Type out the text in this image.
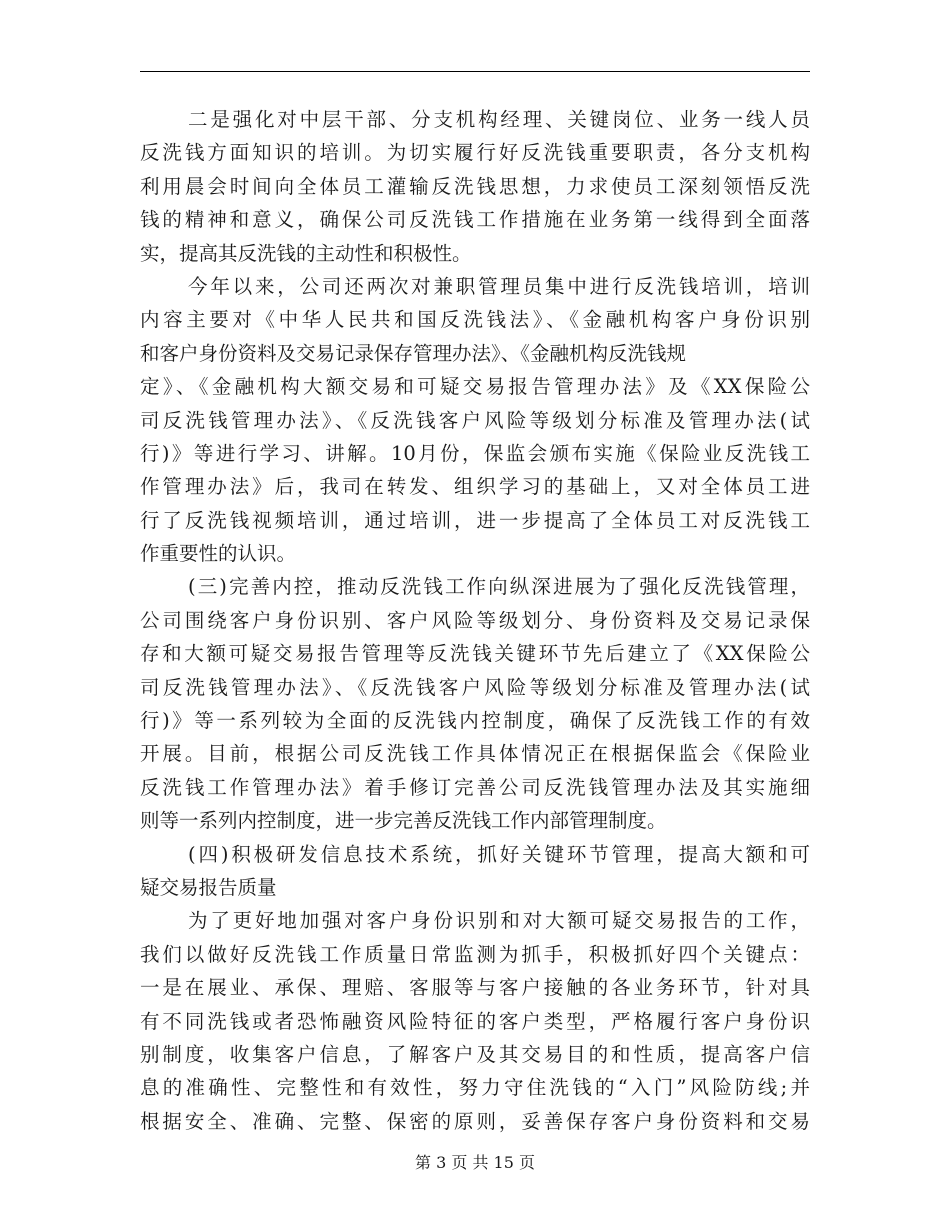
二是强化对中层干部、分支机构经理、关键岗位、业务一线人员
反洗钱方面知识的培训。为切实履行好反洗钱重要职责，各分支机构
利用晨会时间向全体员工灌输反洗钱思想，力求使员工深刻领悟反洗
钱的精神和意义，确保公司反洗钱工作措施在业务第一线得到全面落
实，提高其反洗钱的主动性和积极性。
今年以来，公司还两次对兼职管理员集中进行反洗钱培训，培训
内容主要对《中华人民共和国反洗钱法》、《金融机构客户身份识别
和客户身份资料及交易记录保存管理办法》、《金融机构反洗钱规
定》、《金融机构大额交易和可疑交易报告管理办法》及《XX保险公
司反洗钱管理办法》、《反洗钱客户风险等级划分标准及管理办法(试
行)》等进行学习、讲解。10月份，保监会颁布实施《保险业反洗钱工
作管理办法》后，我司在转发、组织学习的基础上，又对全体员工进
行了反洗钱视频培训，通过培训，进一步提高了全体员工对反洗钱工
作重要性的认识。
(三)完善内控，推动反洗钱工作向纵深进展为了强化反洗钱管理，
公司围绕客户身份识别、客户风险等级划分、身份资料及交易记录保
存和大额可疑交易报告管理等反洗钱关键环节先后建立了《XX保险公
司反洗钱管理办法》、《反洗钱客户风险等级划分标准及管理办法(试
行)》等一系列较为全面的反洗钱内控制度，确保了反洗钱工作的有效
开展。目前，根据公司反洗钱工作具体情况正在根据保监会《保险业
反洗钱工作管理办法》着手修订完善公司反洗钱管理办法及其实施细
则等一系列内控制度，进一步完善反洗钱工作内部管理制度。
(四)积极研发信息技术系统，抓好关键环节管理，提高大额和可
疑交易报告质量
为了更好地加强对客户身份识别和对大额可疑交易报告的工作，
我们以做好反洗钱工作质量日常监测为抓手，积极抓好四个关键点：
一是在展业、承保、理赔、客服等与客户接触的各业务环节，针对具
有不同洗钱或者恐怖融资风险特征的客户类型，严格履行客户身份识
别制度，收集客户信息，了解客户及其交易目的和性质，提高客户信
息的准确性、完整性和有效性，努力守住洗钱的“入门”风险防线;并
根据安全、准确、完整、保密的原则，妥善保存客户身份资料和交易
第 3 页 共 15 页
